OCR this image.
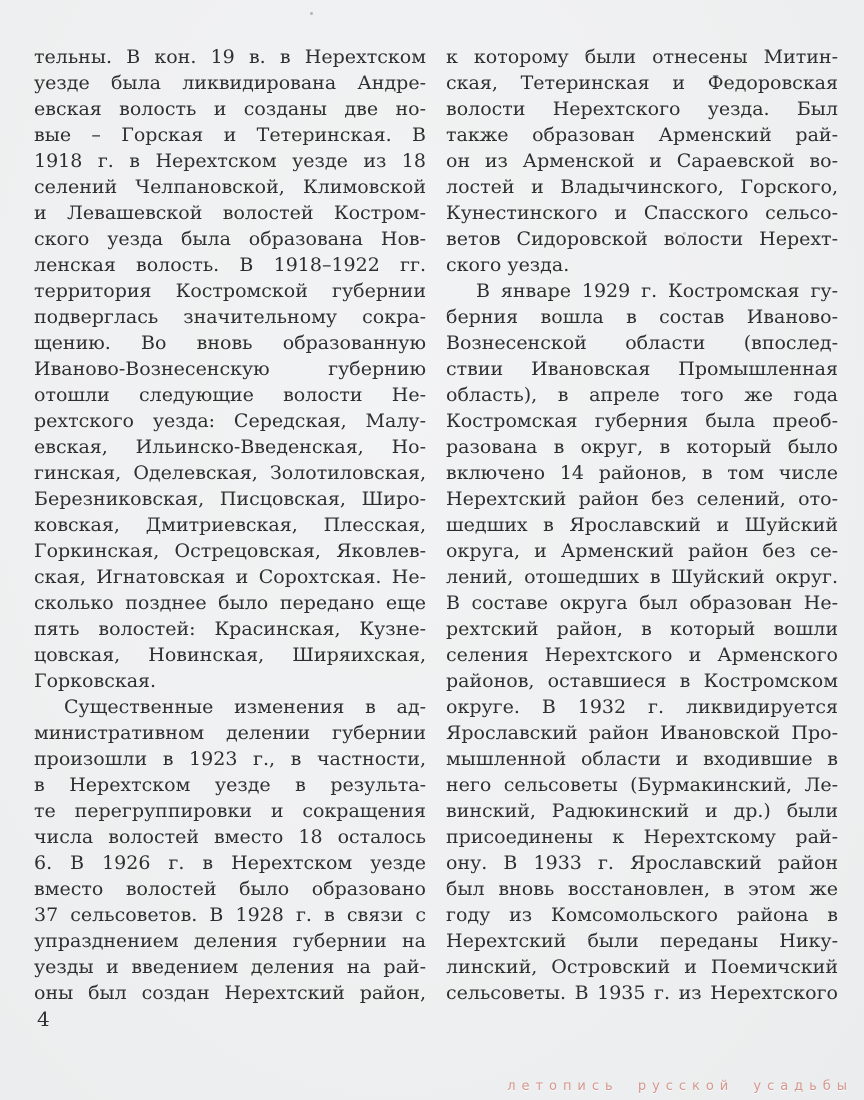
тельны. В кон. 19 в. в Нерехтском
уезде была ликвидирована Андре-
евская волость и созданы две но-
вые – Горская и Тетеринская. В
1918 г. в Нерехтском уезде из 18
селений Челпановской, Климовской
и Левашевской волостей Костром-
ского уезда была образована Нов-
ленская волость. В 1918–1922 гг.
территория Костромской губернии
подверглась значительному сокра-
щению. Во вновь образованную
Иваново-Вознесенскую губернию
отошли следующие волости Не-
рехтского уезда: Середская, Малу-
евская, Ильинско-Введенская, Но-
гинская, Оделевская, Золотиловская,
Березниковская, Писцовская, Широ-
ковская, Дмитриевская, Плесская,
Горкинская, Острецовская, Яковлев-
ская, Игнатовская и Сорохтская. Не-
сколько позднее было передано еще
пять волостей: Красинская, Кузне-
цовская, Новинская, Ширяихская,
Горковская.
Существенные изменения в ад-
министративном делении губернии
произошли в 1923 г., в частности,
в Нерехтском уезде в результа-
те перегруппировки и сокращения
числа волостей вместо 18 осталось
6. В 1926 г. в Нерехтском уезде
вместо волостей было образовано
37 сельсоветов. В 1928 г. в связи с
упразднением деления губернии на
уезды и введением деления на рай-
оны был создан Нерехтский район,
к которому были отнесены Митин-
ская, Тетеринская и Федоровская
волости Нерехтского уезда. Был
также образован Арменский рай-
он из Арменской и Сараевской во-
лостей и Владычинского, Горского,
Кунестинского и Спасского сельсо-
ветов Сидоровской волости Нерехт-
ского уезда.
В январе 1929 г. Костромская гу-
берния вошла в состав Иваново-
Вознесенской области (впослед-
ствии Ивановская Промышленная
область), в апреле того же года
Костромская губерния была преоб-
разована в округ, в который было
включено 14 районов, в том числе
Нерехтский район без селений, ото-
шедших в Ярославский и Шуйский
округа, и Арменский район без се-
лений, отошедших в Шуйский округ.
В составе округа был образован Не-
рехтский район, в который вошли
селения Нерехтского и Арменского
районов, оставшиеся в Костромском
округе. В 1932 г. ликвидируется
Ярославский район Ивановской Про-
мышленной области и входившие в
него сельсоветы (Бурмакинский, Ле-
винский, Радюкинский и др.) были
присоединены к Нерехтскому рай-
ону. В 1933 г. Ярославский район
был вновь восстановлен, в этом же
году из Комсомольского района в
Нерехтский были переданы Нику-
линский, Островский и Поемичский
сельсоветы. В 1935 г. из Нерехтского
4
летопись русской усадьбы
